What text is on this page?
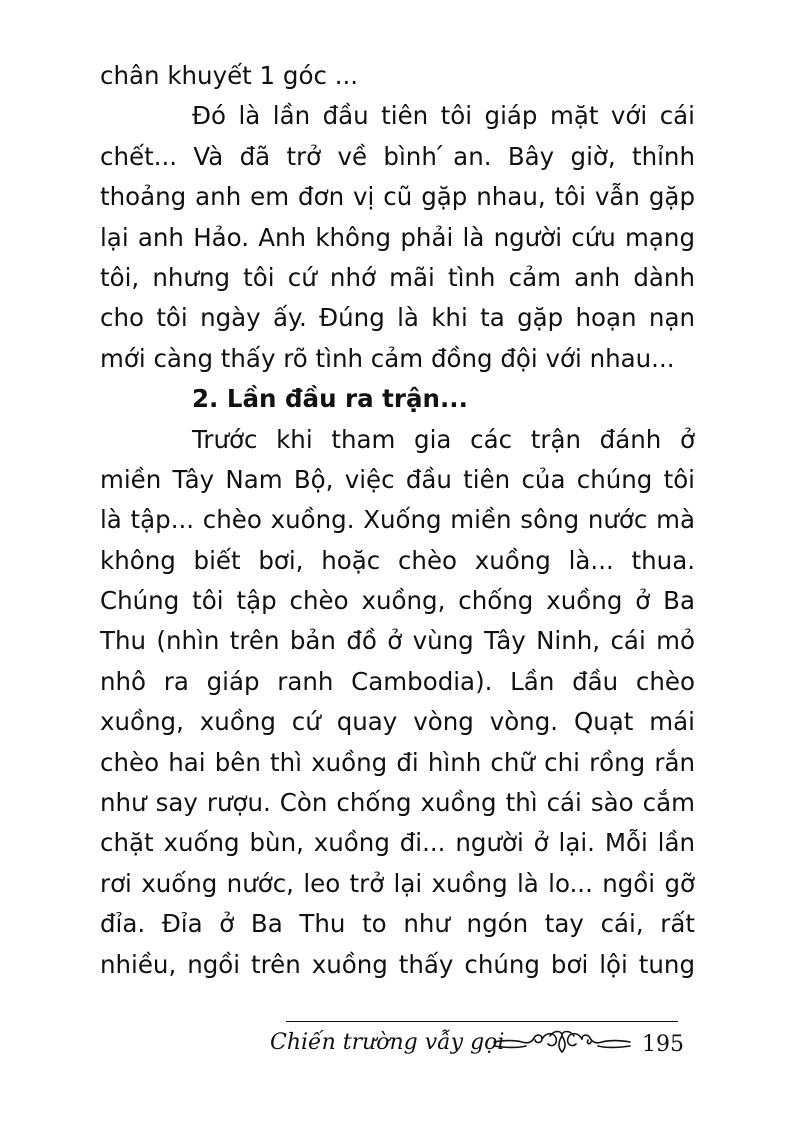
chân khuyết 1 góc ...
Đó là lần đầu tiên tôi giáp mặt với cái
chết... Và đã trở về bình ́an. Bây giờ, thỉnh
thoảng anh em đơn vị cũ gặp nhau, tôi vẫn gặp
lại anh Hảo. Anh không phải là người cứu mạng
tôi, nhưng tôi cứ nhớ mãi tình cảm anh dành
cho tôi ngày ấy. Đúng là khi ta gặp hoạn nạn
mới càng thấy rõ tình cảm đồng đội với nhau...
2. Lần đầu ra trận...
Trước khi tham gia các trận đánh ở
miền Tây Nam Bộ, việc đầu tiên của chúng tôi
là tập... chèo xuồng. Xuống miền sông nước mà
không biết bơi, hoặc chèo xuồng là... thua.
Chúng tôi tập chèo xuồng, chống xuồng ở Ba
Thu (nhìn trên bản đồ ở vùng Tây Ninh, cái mỏ
nhô ra giáp ranh Cambodia). Lần đầu chèo
xuồng, xuồng cứ quay vòng vòng. Quạt mái
chèo hai bên thì xuồng đi hình chữ chi rồng rắn
như say rượu. Còn chống xuồng thì cái sào cắm
chặt xuống bùn, xuồng đi... người ở lại. Mỗi lần
rơi xuống nước, leo trở lại xuồng là lo... ngồi gỡ
đỉa. Đỉa ở Ba Thu to như ngón tay cái, rất
nhiều, ngồi trên xuồng thấy chúng bơi lội tung
Chiến trường vẫy gọi	195
